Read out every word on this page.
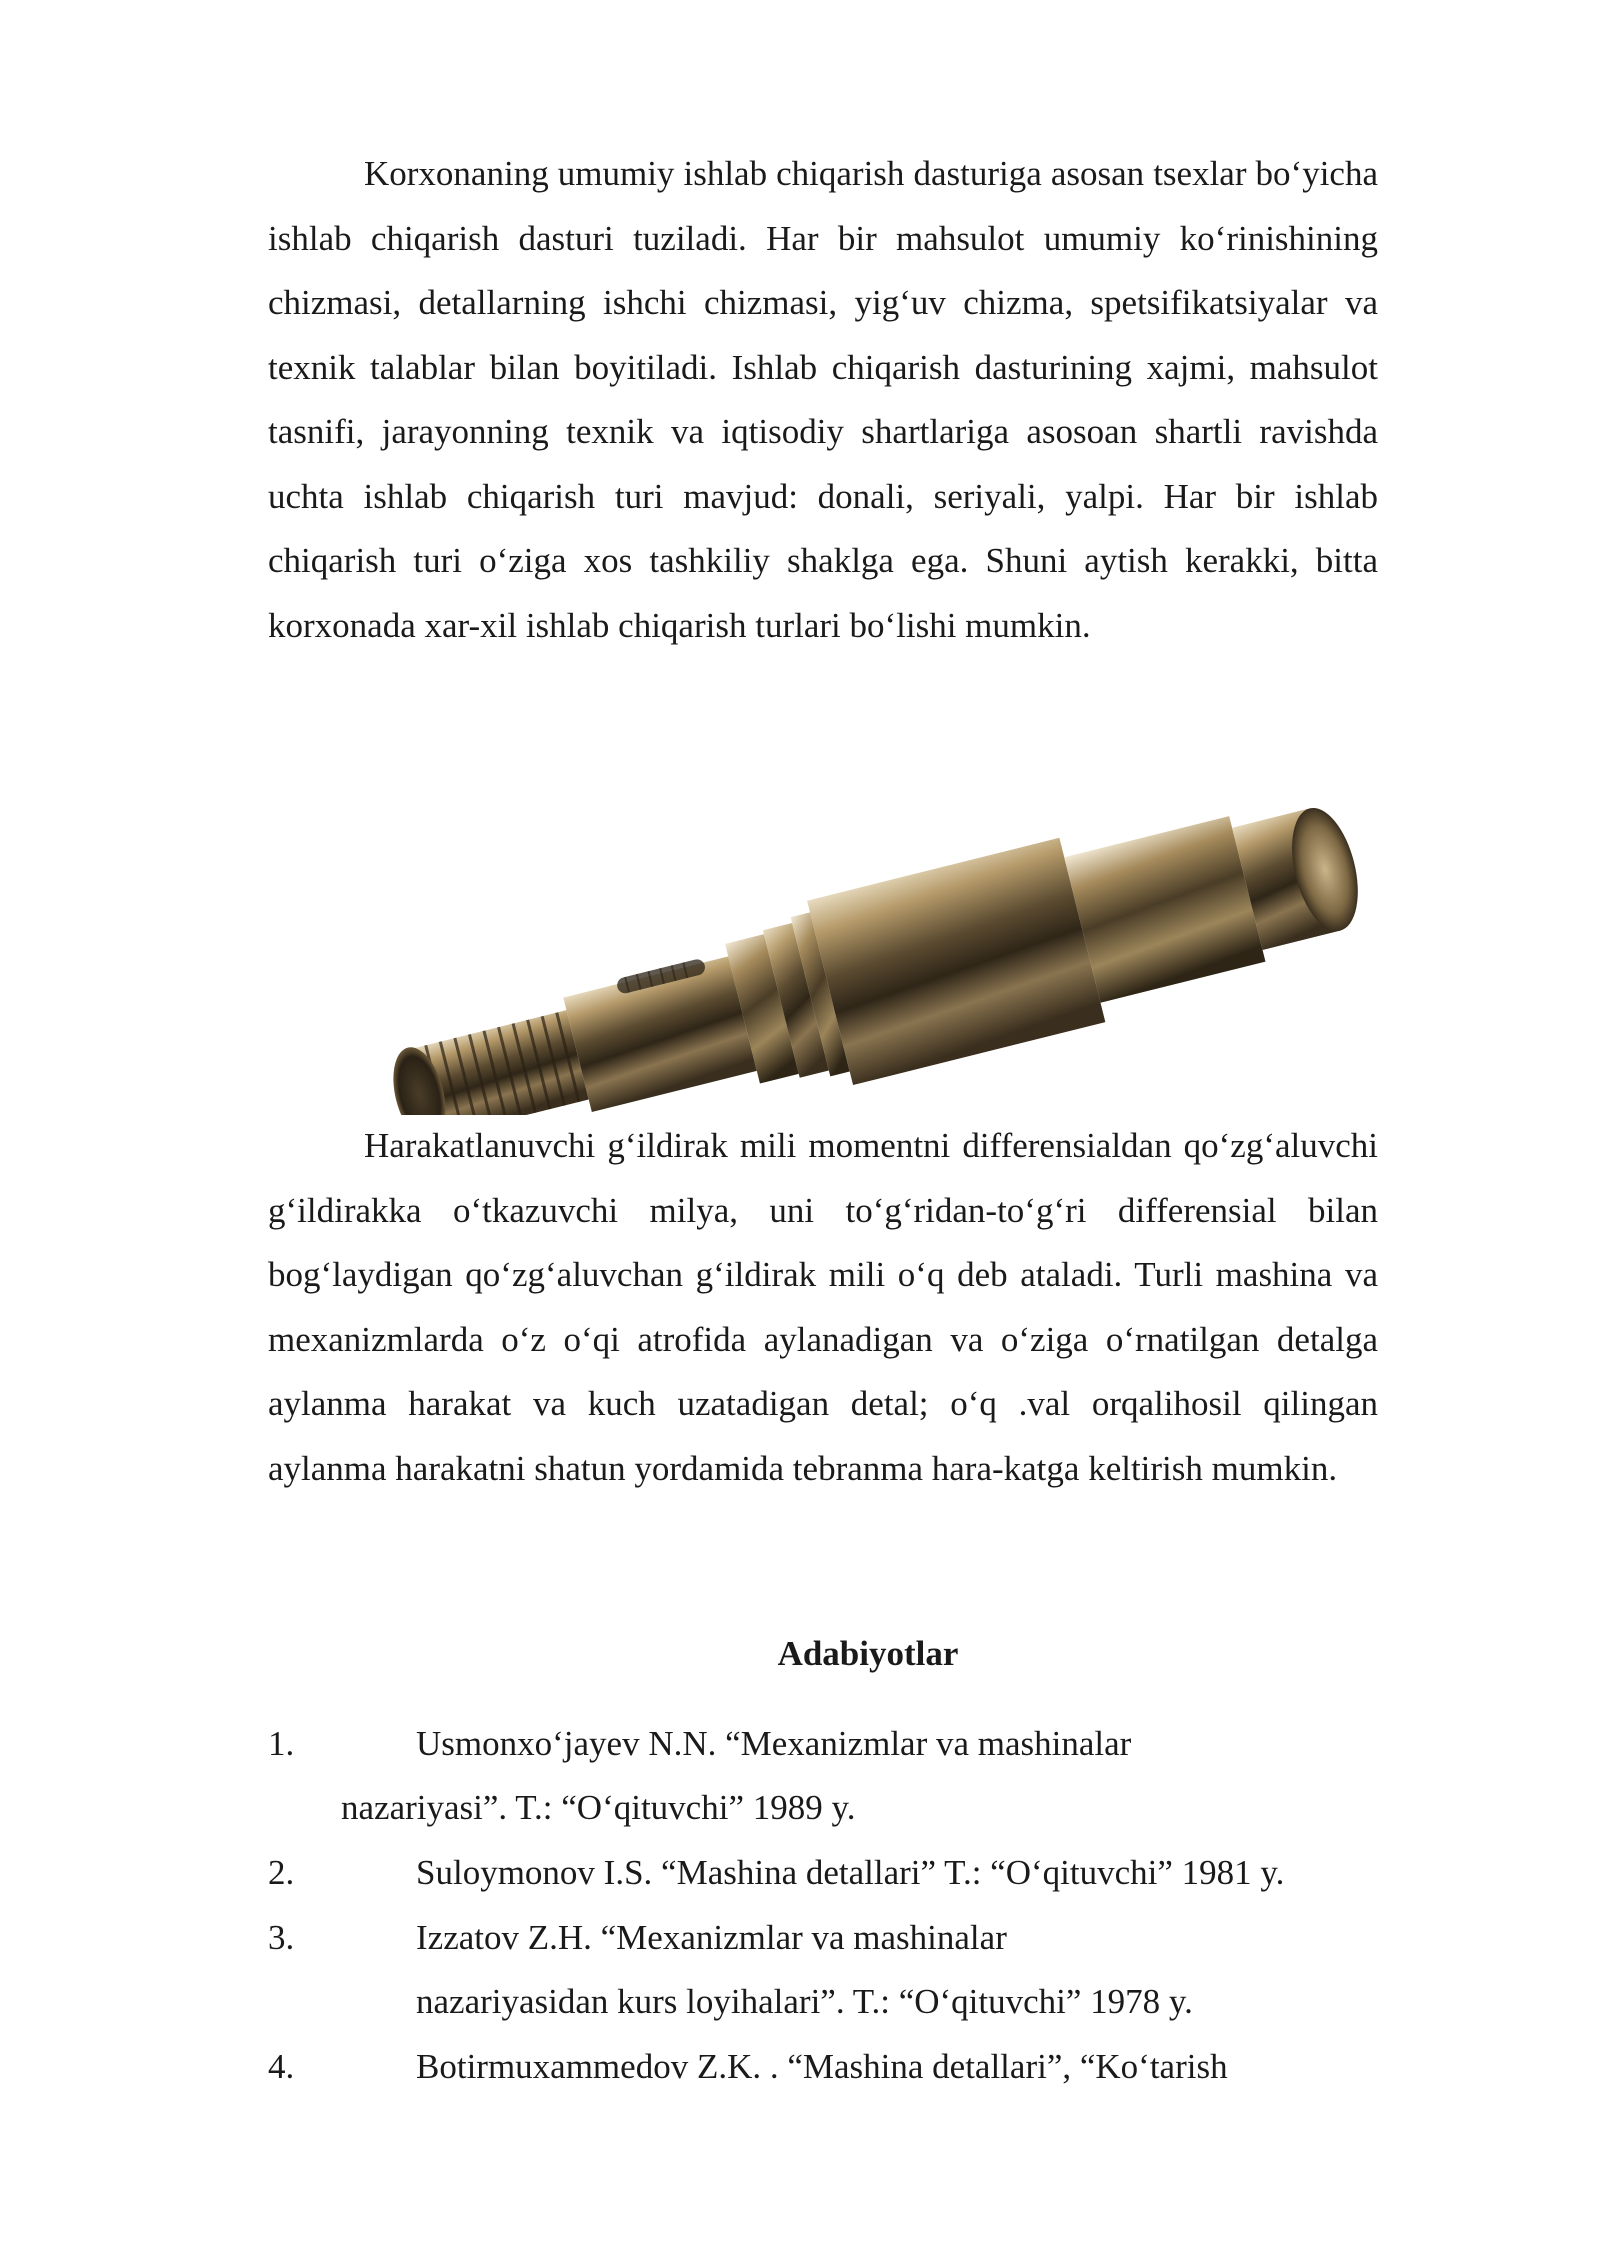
Korxonaning umumiy ishlab chiqarish dasturiga asosan tsexlar bo‘yicha ishlab chiqarish dasturi tuziladi. Har bir mahsulot umumiy ko‘rinishining chizmasi, detallarning ishchi chizmasi, yig‘uv chizma, spetsifikatsiyalar va texnik talablar bilan boyitiladi. Ishlab chiqarish dasturining xajmi, mahsulot tasnifi, jarayonning texnik va iqtisodiy shartlariga asosoan shartli ravishda uchta ishlab chiqarish turi mavjud: donali, seriyali, yalpi. Har bir ishlab chiqarish turi o‘ziga xos tashkiliy shaklga ega. Shuni aytish kerakki, bitta korxonada xar-xil ishlab chiqarish turlari bo‘lishi mumkin.

Harakatlanuvchi g‘ildirak mili momentni differensialdan qo‘zg‘aluvchi g‘ildirakka o‘tkazuvchi milya, uni to‘g‘ridan-to‘g‘ri differensial bilan bog‘laydigan qo‘zg‘aluvchan g‘ildirak mili o‘q deb ataladi. Turli mashina va mexanizmlarda o‘z o‘qi atrofida aylanadigan va o‘ziga o‘rnatilgan detalga aylanma harakat va kuch uzatadigan detal; o‘q .val orqalihosil qilingan aylanma harakatni shatun yordamida tebranma hara-katga keltirish mumkin.

Adabiyotlar
1.	Usmonxo‘jayev N.N. “Mexanizmlar va mashinalar
nazariyasi”. T.: “O‘qituvchi” 1989 y.
2.	Suloymonov I.S. “Mashina detallari” T.: “O‘qituvchi” 1981 y.
3.	Izzatov Z.H. “Mexanizmlar va mashinalar
nazariyasidan kurs loyihalari”. T.: “O‘qituvchi” 1978 y.
4.	Botirmuxammedov Z.K. . “Mashina detallari”, “Ko‘tarish
